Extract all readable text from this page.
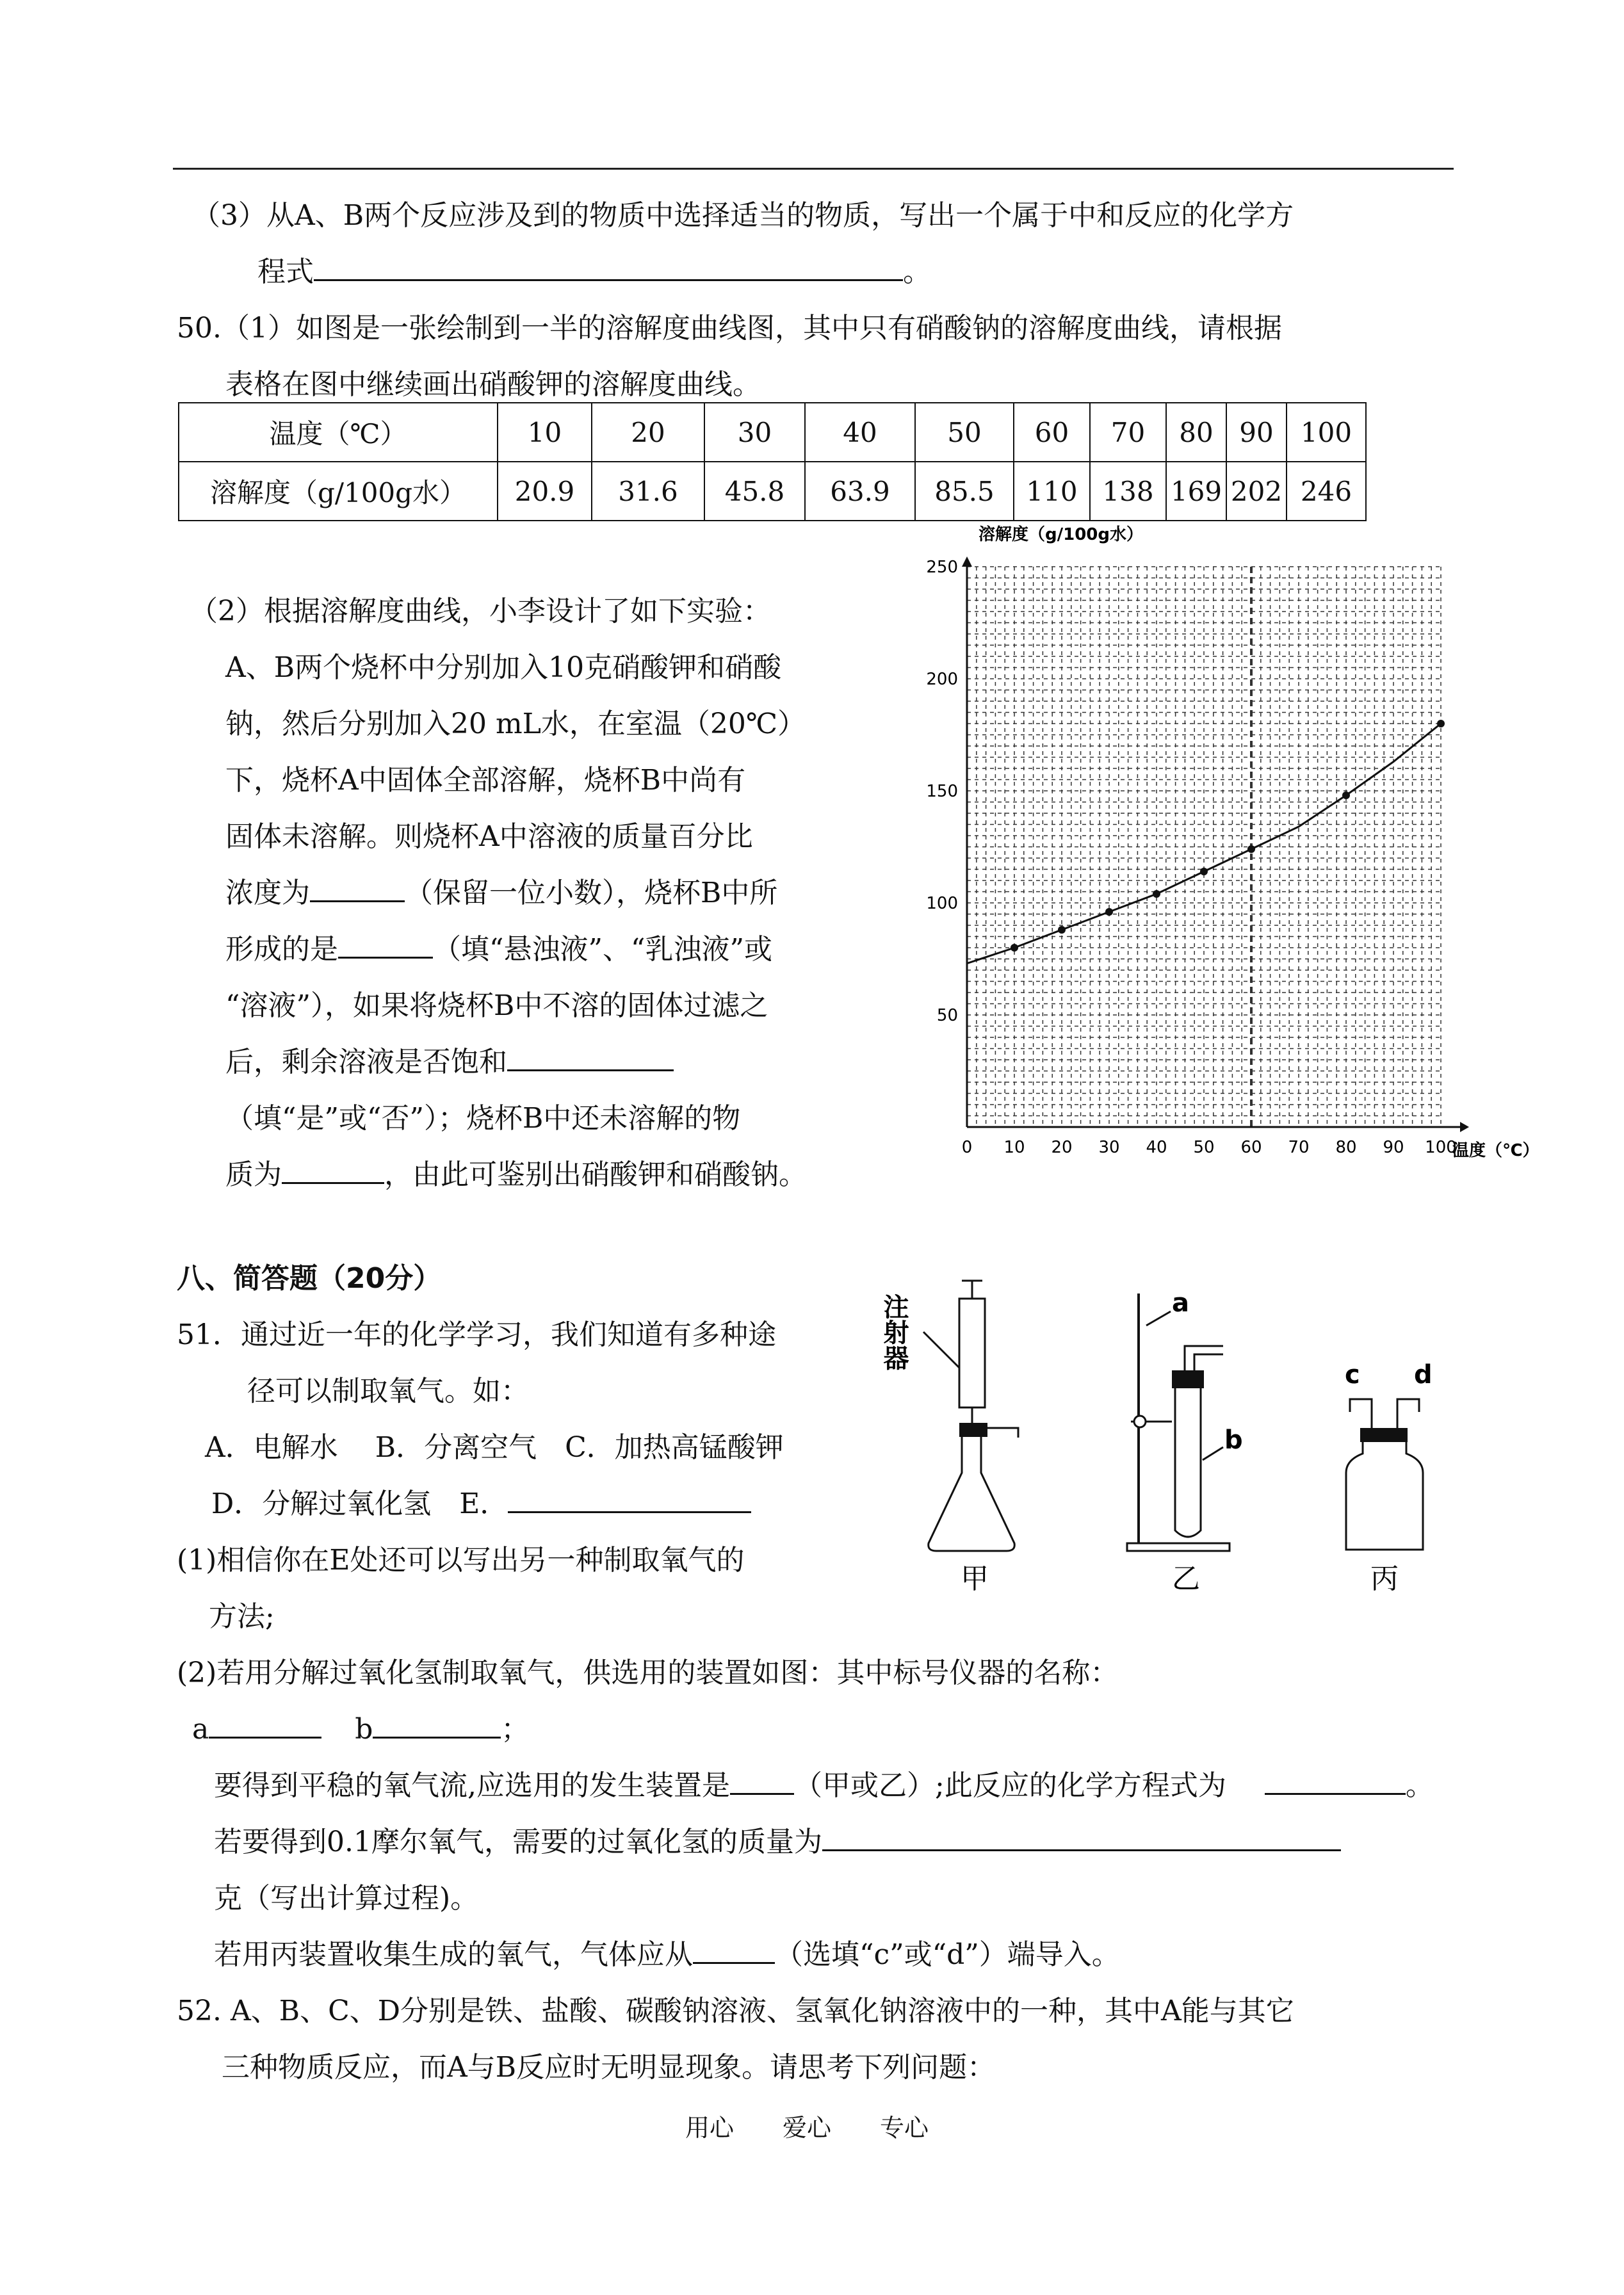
（3）从A、B两个反应涉及到的物质中选择适当的物质，写出一个属于中和反应的化学方
程式	。
50.（1）如图是一张绘制到一半的溶解度曲线图，其中只有硝酸钠的溶解度曲线，请根据
表格在图中继续画出硝酸钾的溶解度曲线。
温度（℃）	10	20	30	40	50	60	70	80	90	100
溶解度（g/100g水）	20.9	31.6	45.8	63.9	85.5	110	138	169	202	246
（2）根据溶解度曲线，小李设计了如下实验：
A、B两个烧杯中分别加入10克硝酸钾和硝酸
钠，然后分别加入20 mL水，在室温（20℃）
下，烧杯A中固体全部溶解，烧杯B中尚有
固体未溶解。则烧杯A中溶液的质量百分比
浓度为	（保留一位小数），烧杯B中所
形成的是	（填“悬浊液”、“乳浊液”或
“溶液”），如果将烧杯B中不溶的固体过滤之
后，剩余溶液是否饱和
（填“是”或“否”）；烧杯B中还未溶解的物
质为	，由此可鉴别出硝酸钾和硝酸钠。
溶解度（g/100g水）
0 10 20 30 40 50 60 70 80 90 100
50
100
150
200
250
温度（℃）
八、简答题（20分）
51．通过近一年的化学学习，我们知道有多种途
径可以制取氧气。如：
A．电解水　 B．分离空气　C．加热高锰酸钾
D．分解过氧化氢　E．
(1)相信你在E处还可以写出另一种制取氧气的
方法;
(2)若用分解过氧化氢制取氧气，供选用的装置如图：其中标号仪器的名称：
a	b	；
要得到平稳的氧气流,应选用的发生装置是 （甲或乙）;此反应的化学方程式为	。
若要得到0.1摩尔氧气，需要的过氧化氢的质量为
克（写出计算过程)。
若用丙装置收集生成的氧气，气体应从	（选填“c”或“d”）端导入。
注射器
甲
a
b
乙
c d
丙
52. A、B、C、D分别是铁、盐酸、碳酸钠溶液、氢氧化钠溶液中的一种，其中A能与其它
三种物质反应，而A与B反应时无明显现象。请思考下列问题：
用心　　爱心　　专心
